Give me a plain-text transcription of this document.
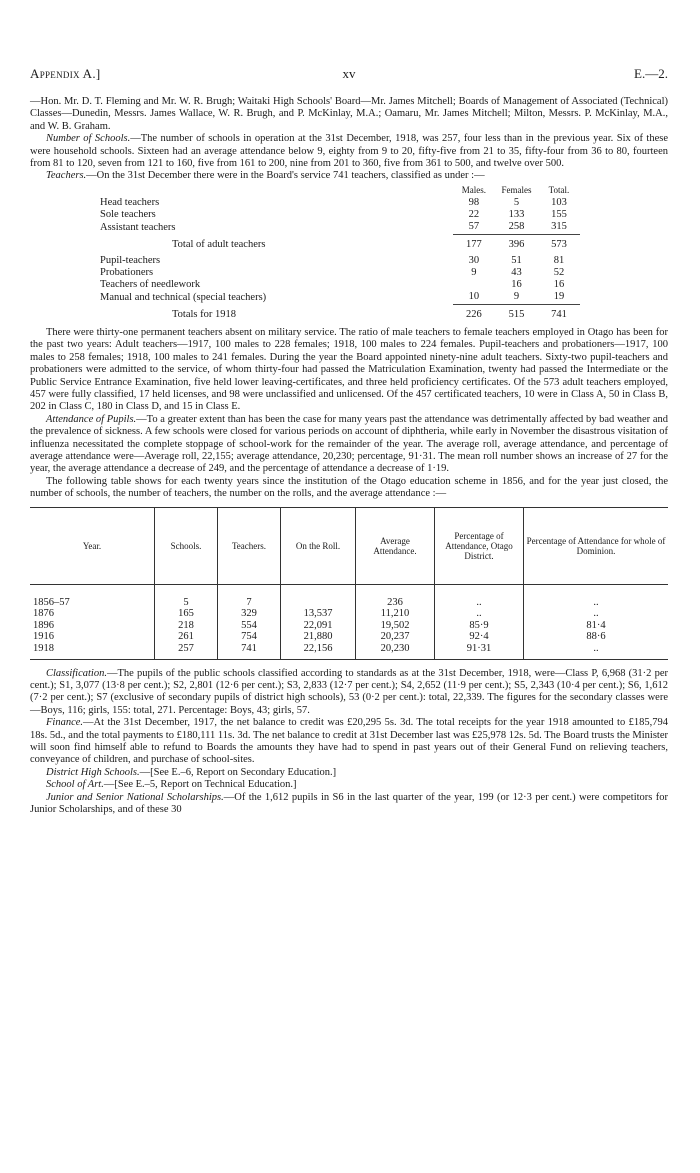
Appendix A.]	xv	E.—2.

—Hon. Mr. D. T. Fleming and Mr. W. R. Brugh; Waitaki High Schools' Board—Mr. James Mitchell; Boards of Management of Associated (Technical) Classes—Dunedin, Messrs. James Wallace, W. R. Brugh, and P. McKinlay, M.A.; Oamaru, Mr. James Mitchell; Milton, Messrs. P. McKinlay, M.A., and W. B. Graham.

Number of Schools.—The number of schools in operation at the 31st December, 1918, was 257, four less than in the previous year. Six of these were household schools. Sixteen had an average attendance below 9, eighty from 9 to 20, fifty-five from 21 to 35, fifty-four from 36 to 80, fourteen from 81 to 120, seven from 121 to 160, five from 161 to 200, nine from 201 to 360, five from 361 to 500, and twelve over 500.

Teachers.—On the 31st December there were in the Board's service 741 teachers, classified as under :—

	Males.	Females	Total.
Head teachers	98	5	103
Sole teachers	22	133	155
Assistant teachers	57	258	315

Total of adult teachers	177	396	573

Pupil-teachers	30	51	81
Probationers	9	43	52
Teachers of needlework		16	16
Manual and technical (special teachers)	10	9	19

Totals for 1918	226	515	741

There were thirty-one permanent teachers absent on military service. The ratio of male teachers to female teachers employed in Otago has been for the past two years: Adult teachers—1917, 100 males to 228 females; 1918, 100 males to 224 females. Pupil-teachers and probationers—1917, 100 males to 258 females; 1918, 100 males to 241 females. During the year the Board appointed ninety-nine adult teachers. Sixty-two pupil-teachers and probationers were admitted to the service, of whom thirty-four had passed the Matriculation Examination, twenty had passed the Intermediate or the Public Service Entrance Examination, five held lower leaving-certificates, and three held proficiency certificates. Of the 573 adult teachers employed, 457 were fully classified, 17 held licenses, and 98 were unclassified and unlicensed. Of the 457 certificated teachers, 10 were in Class A, 50 in Class B, 202 in Class C, 180 in Class D, and 15 in Class E.

Attendance of Pupils.—To a greater extent than has been the case for many years past the attendance was detrimentally affected by bad weather and the prevalence of sickness. A few schools were closed for various periods on account of diphtheria, while early in November the disastrous visitation of influenza necessitated the complete stoppage of school-work for the remainder of the year. The average roll, average attendance, and percentage of average attendance were—Average roll, 22,155; average attendance, 20,230; percentage, 91·31. The mean roll number shows an increase of 27 for the year, the average attendance a decrease of 249, and the percentage of attendance a decrease of 1·19.

The following table shows for each twenty years since the institution of the Otago education scheme in 1856, and for the year just closed, the number of schools, the number of teachers, the number on the rolls, and the average attendance :—

Year.	Schools.	Teachers.	On the Roll.	Average Attendance.	Percentage of Attendance, Otago District.	Percentage of Attendance for whole of Dominion.

1856–57	5	7		236	..	..
1876	165	329	13,537	11,210	..	..
1896	218	554	22,091	19,502	85·9	81·4
1916	261	754	21,880	20,237	92·4	88·6
1918	257	741	22,156	20,230	91·31	..

Classification.—The pupils of the public schools classified according to standards as at the 31st December, 1918, were—Class P, 6,968 (31·2 per cent.); S1, 3,077 (13·8 per cent.); S2, 2,801 (12·6 per cent.); S3, 2,833 (12·7 per cent.); S4, 2,652 (11·9 per cent.); S5, 2,343 (10·4 per cent.); S6, 1,612 (7·2 per cent.); S7 (exclusive of secondary pupils of district high schools), 53 (0·2 per cent.): total, 22,339. The figures for the secondary classes were—Boys, 116; girls, 155: total, 271. Percentage: Boys, 43; girls, 57.

Finance.—At the 31st December, 1917, the net balance to credit was £20,295 5s. 3d. The total receipts for the year 1918 amounted to £185,794 18s. 5d., and the total payments to £180,111 11s. 3d. The net balance to credit at 31st December last was £25,978 12s. 5d. The Board trusts the Minister will soon find himself able to refund to Boards the amounts they have had to spend in past years out of their General Fund on relieving teachers, conveyance of children, and purchase of school-sites.

District High Schools.—[See E.–6, Report on Secondary Education.]

School of Art.—[See E.–5, Report on Technical Education.]

Junior and Senior National Scholarships.—Of the 1,612 pupils in S6 in the last quarter of the year, 199 (or 12·3 per cent.) were competitors for Junior Scholarships, and of these 30
